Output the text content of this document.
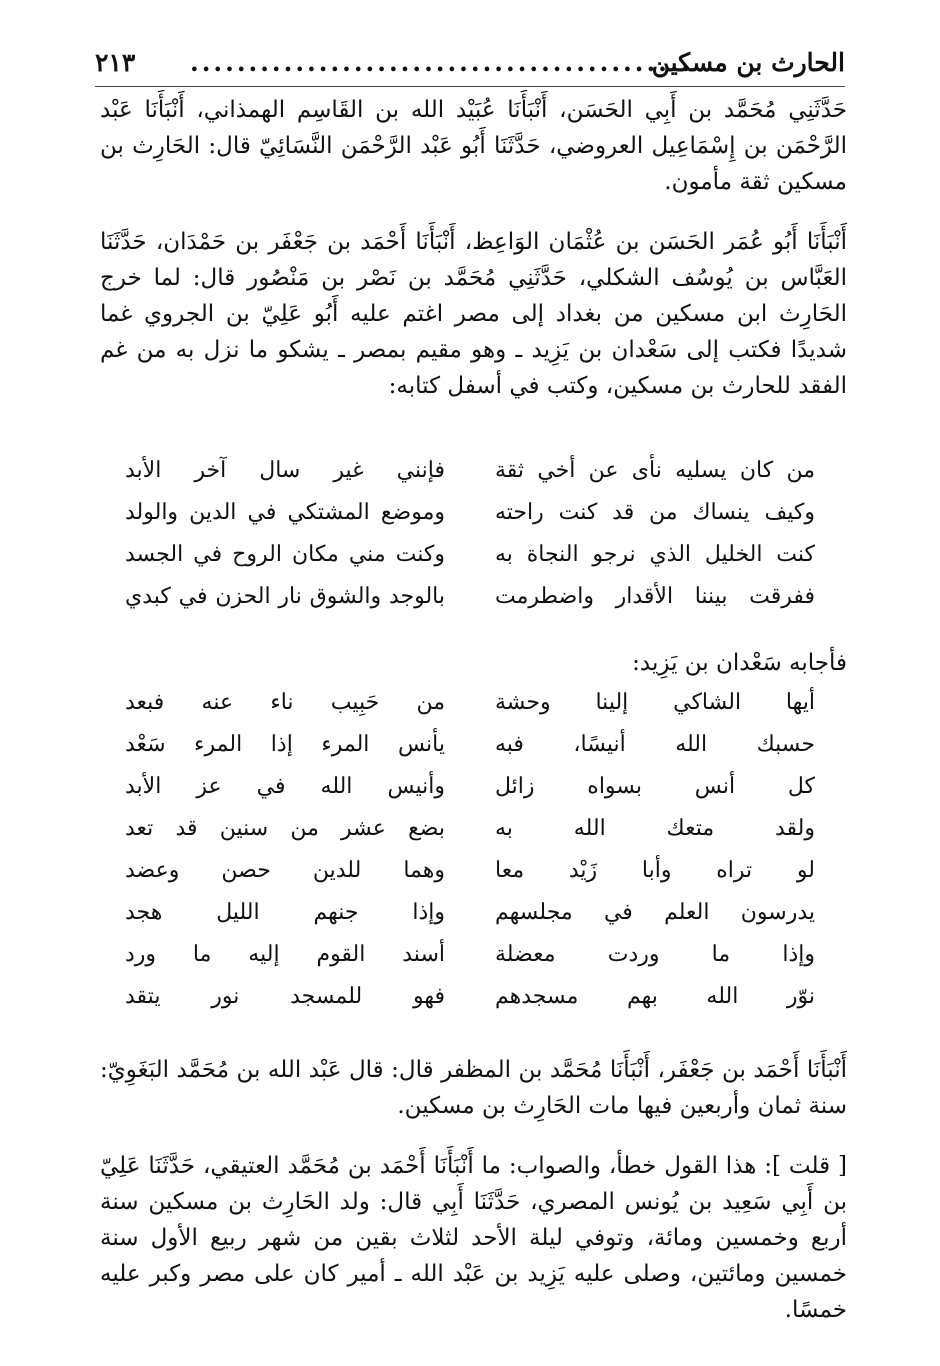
الحارث بن مسكين
...........................................
٢١٣
حَدَّثَنِي مُحَمَّد بن أَبِي الحَسَن، أَنْبَأَنَا عُبَيْد الله بن القَاسِم الهمذاني، أَنْبَأَنَا عَبْد الرَّحْمَن بن إِسْمَاعِيل العروضي، حَدَّثَنَا أَبُو عَبْد الرَّحْمَن النَّسَائِيّ قال: الحَارِث بن مسكين ثقة مأمون.
أَنْبَأَنَا أَبُو عُمَر الحَسَن بن عُثْمَان الوَاعِظ، أَنْبَأَنَا أَحْمَد بن جَعْفَر بن حَمْدَان، حَدَّثَنَا العَبَّاس بن يُوسُف الشكلي، حَدَّثَنِي مُحَمَّد بن نَصْر بن مَنْصُور قال: لما خرج الحَارِث ابن مسكين من بغداد إلى مصر اغتم عليه أَبُو عَلِيّ بن الجروي غما شديدًا فكتب إلى سَعْدان بن يَزِيد ـ وهو مقيم بمصر ـ يشكو ما نزل به من غم الفقد للحارث بن مسكين، وكتب في أسفل كتابه:
من كان يسليه نأى عن أخي ثقة
فإنني غير سال آخر الأبد
وكيف ينساك من قد كنت راحته
وموضع المشتكي في الدين والولد
كنت الخليل الذي نرجو النجاة به
وكنت مني مكان الروح في الجسد
ففرقت بيننا الأقدار واضطرمت
بالوجد والشوق نار الحزن في كبدي
فأجابه سَعْدان بن يَزِيد:
أيها الشاكي إلينا وحشة
من حَبِيب ناء عنه فبعد
حسبك الله أنيسًا، فبه
يأنس المرء إذا المرء سَعْد
كل أنس بسواه زائل
وأنيس الله في عز الأبد
ولقد متعك الله به
بضع عشر من سنين قد تعد
لو تراه وأبا زَيْد معا
وهما للدين حصن وعضد
يدرسون العلم في مجلسهم
وإذا جنهم الليل هجد
وإذا ما وردت معضلة
أسند القوم إليه ما ورد
نوّر الله بهم مسجدهم
فهو للمسجد نور يتقد
أَنْبَأَنَا أَحْمَد بن جَعْفَر، أَنْبَأَنَا مُحَمَّد بن المظفر قال: قال عَبْد الله بن مُحَمَّد البَغَوِيّ: سنة ثمان وأربعين فيها مات الحَارِث بن مسكين.
[ قلت ]: هذا القول خطأ، والصواب: ما أَنْبَأَنَا أَحْمَد بن مُحَمَّد العتيقي، حَدَّثَنَا عَلِيّ بن أَبِي سَعِيد بن يُونس المصري، حَدَّثَنَا أَبِي قال: ولد الحَارِث بن مسكين سنة أربع وخمسين ومائة، وتوفي ليلة الأحد لثلاث بقين من شهر ربيع الأول سنة خمسين ومائتين، وصلى عليه يَزِيد بن عَبْد الله ـ أمير كان على مصر وكبر عليه خمسًا.
